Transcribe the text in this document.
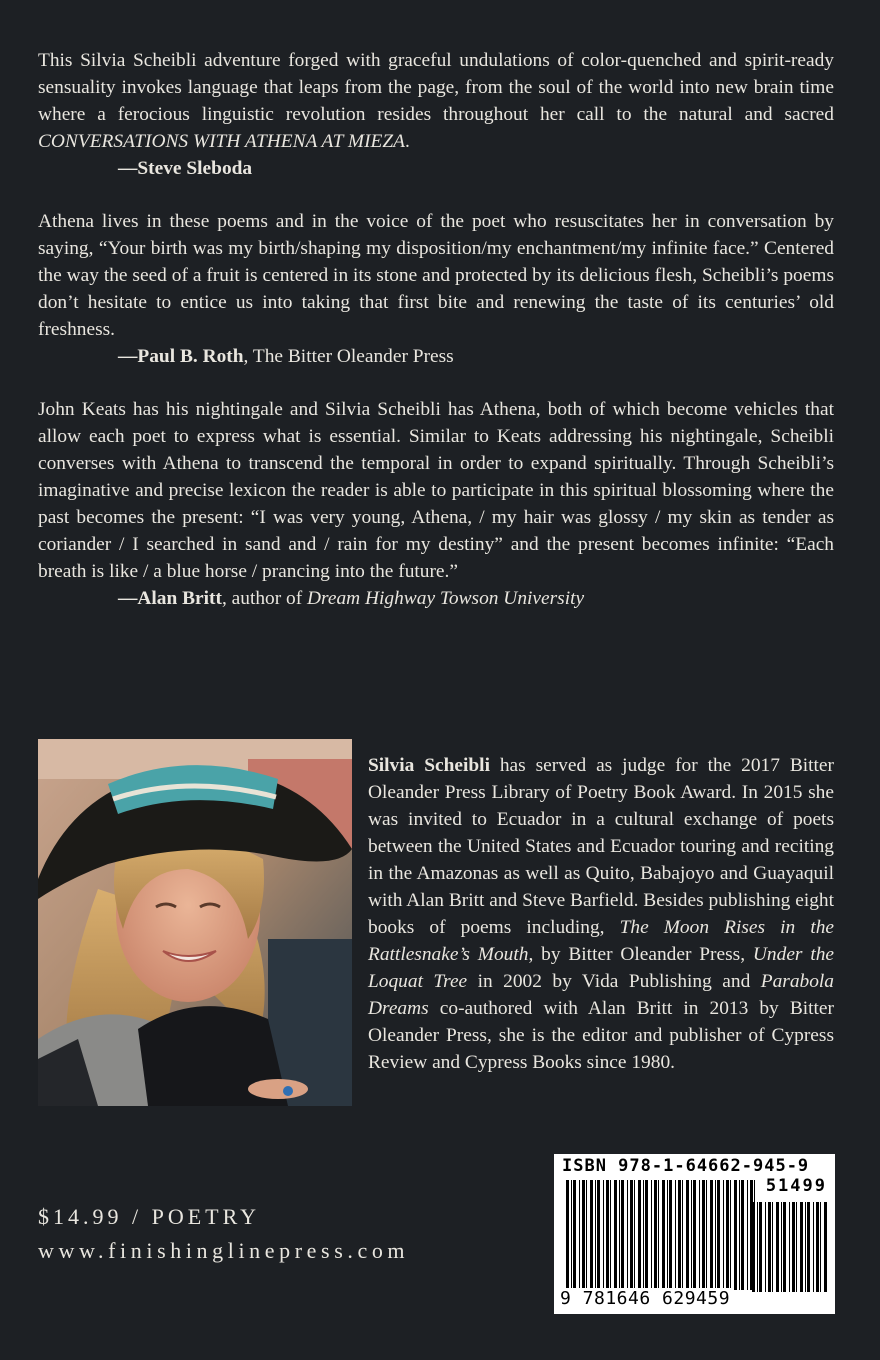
This Silvia Scheibli adventure forged with graceful undulations of color-quenched and spirit-ready sensuality invokes language that leaps from the page, from the soul of the world into new brain time where a ferocious linguistic revolution resides throughout her call to the natural and sacred CONVERSATIONS WITH ATHENA AT MIEZA.

—Steve Sleboda

Athena lives in these poems and in the voice of the poet who resuscitates her in conversation by saying, “Your birth was my birth/shaping my disposition/my enchantment/my infinite face.” Centered the way the seed of a fruit is centered in its stone and protected by its delicious flesh, Scheibli’s poems don’t hesitate to entice us into taking that first bite and renewing the taste of its centuries’ old freshness.

—Paul B. Roth, The Bitter Oleander Press

John Keats has his nightingale and Silvia Scheibli has Athena, both of which become vehicles that allow each poet to express what is essential. Similar to Keats addressing his nightingale, Scheibli converses with Athena to transcend the temporal in order to expand spiritually. Through Scheibli’s imaginative and precise lexicon the reader is able to participate in this spiritual blossoming where the past becomes the present: “I was very young, Athena, / my hair was glossy / my skin as tender as coriander / I searched in sand and / rain for my destiny” and the present becomes infinite: “Each breath is like / a blue horse / prancing into the future.”

—Alan Britt, author of Dream Highway Towson University

Silvia Scheibli has served as judge for the 2017 Bitter Oleander Press Library of Poetry Book Award. In 2015 she was invited to Ecuador in a cultural exchange of poets between the United States and Ecuador touring and reciting in the Amazonas as well as Quito, Babajoyo and Guayaquil with Alan Britt and Steve Barfield. Besides publishing eight books of poems including, The Moon Rises in the Rattlesnake’s Mouth, by Bitter Oleander Press, Under the Loquat Tree in 2002 by Vida Publishing and Parabola Dreams co-authored with Alan Britt in 2013 by Bitter Oleander Press, she is the editor and publisher of Cypress Review and Cypress Books since 1980.

$14.99 / POETRY
www.finishinglinepress.com
ISBN 978-1-64662-945-9
51499
9 781646 629459
